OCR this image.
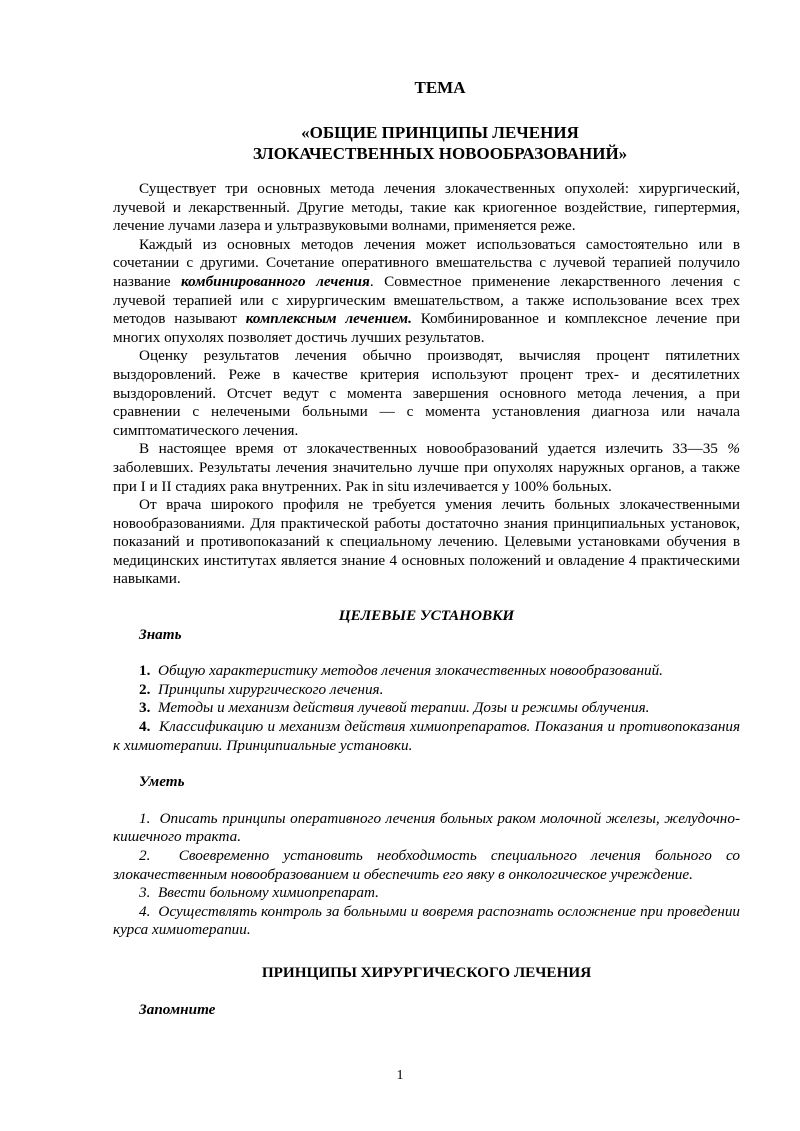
ТЕМА
«ОБЩИЕ ПРИНЦИПЫ ЛЕЧЕНИЯ
ЗЛОКАЧЕСТВЕННЫХ НОВООБРАЗОВАНИЙ»

Существует три основных метода лечения злокачественных опухолей: хирургический, лучевой и лекарственный. Другие методы, такие как криогенное воздействие, гипертермия, лечение лучами лазера и ультразвуковыми волнами, применяется реже.

Каждый из основных методов лечения может использоваться самостоятельно или в сочетании с другими. Сочетание оперативного вмешательства с лучевой терапией получило название комбинированного лечения. Совместное применение лекарственного лечения с лучевой терапией или с хирургическим вмешательством, а также использование всех трех методов называют комплексным лечением. Комбинированное и комплексное лечение при многих опухолях позволяет достичь лучших результатов.

Оценку результатов лечения обычно производят, вычисляя процент пятилетних выздоровлений. Реже в качестве критерия используют процент трех- и десятилетних выздоровлений. Отсчет ведут с момента завершения основного метода лечения, а при сравнении с нелечеными больными — с момента установления диагноза или начала симптоматического лечения.

В настоящее время от злокачественных новообразований удается излечить 33—35 % заболевших. Результаты лечения значительно лучше при опухолях наружных органов, а также при I и II стадиях рака внутренних. Рак in situ излечивается у 100% больных.

От врача широкого профиля не требуется умения лечить больных злокачественными новообразованиями. Для практической работы достаточно знания принципиальных установок, показаний и противопоказаний к специальному лечению. Целевыми установками обучения в медицинских институтах является знание 4 основных положений и овладение 4 практическими навыками.

ЦЕЛЕВЫЕ УСТАНОВКИ

Знать

1. Общую характеристику методов лечения злокачественных новообразований.

2. Принципы хирургического лечения.

3. Методы и механизм действия лучевой терапии. Дозы и режимы облучения.

4. Классификацию и механизм действия химиопрепаратов. Показания и противопоказания к химиотерапии. Принципиальные установки.

Уметь

1. Описать принципы оперативного лечения больных раком молочной железы, желудочно-кишечного тракта.

2. Своевременно установить необходимость специального лечения больного со злокачественным новообразованием и обеспечить его явку в онкологическое учреждение.

3. Ввести больному химиопрепарат.

4. Осуществлять контроль за больными и вовремя распознать осложнение при проведении курса химиотерапии.

ПРИНЦИПЫ ХИРУРГИЧЕСКОГО ЛЕЧЕНИЯ

Запомните

1
